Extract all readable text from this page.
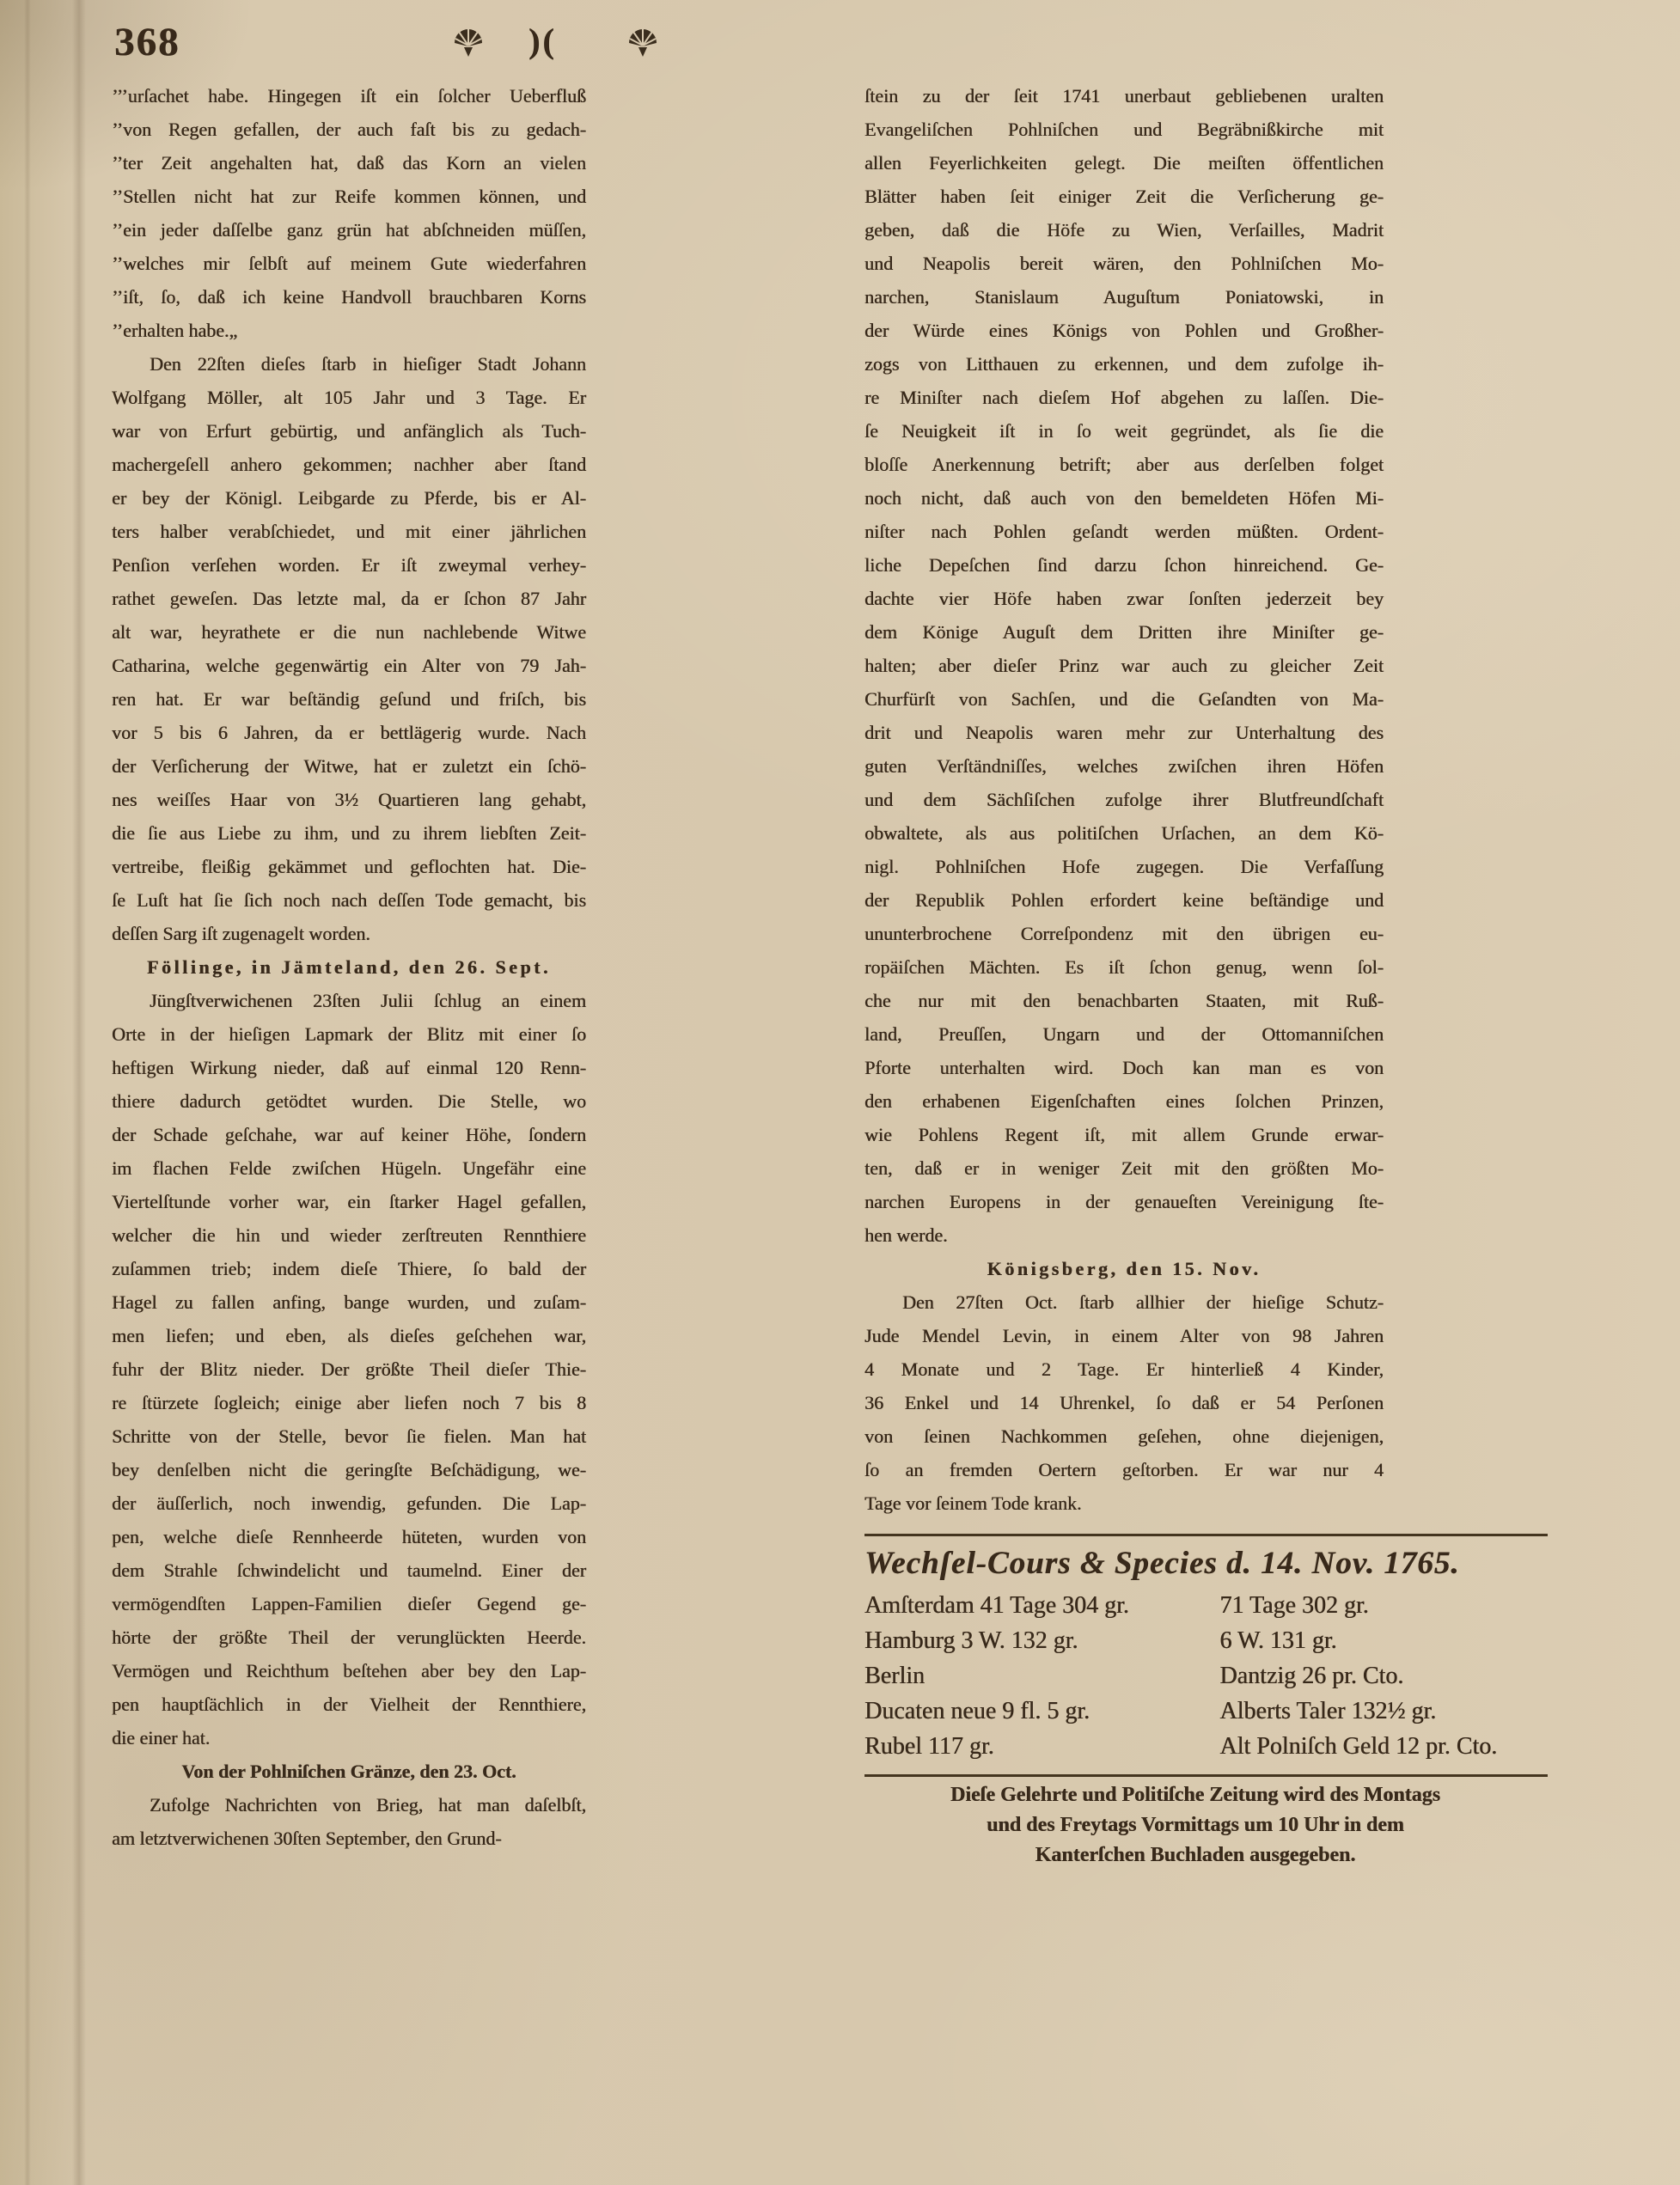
368	)(
’’’urſachet habe. Hingegen iſt ein ſolcher Ueberfluß
’’von Regen gefallen, der auch faſt bis zu gedach-
’’ter Zeit angehalten hat, daß das Korn an vielen
’’Stellen nicht hat zur Reife kommen können, und
’’ein jeder daſſelbe ganz grün hat abſchneiden müſſen,
’’welches mir ſelbſt auf meinem Gute wiederfahren
’’iſt, ſo, daß ich keine Handvoll brauchbaren Korns
’’erhalten habe.„
Den 22ſten dieſes ſtarb in hieſiger Stadt Johann
Wolfgang Möller, alt 105 Jahr und 3 Tage. Er
war von Erfurt gebürtig, und anfänglich als Tuch-
machergeſell anhero gekommen; nachher aber ſtand
er bey der Königl. Leibgarde zu Pferde, bis er Al-
ters halber verabſchiedet, und mit einer jährlichen
Penſion verſehen worden. Er iſt zweymal verhey-
rathet geweſen. Das letzte mal, da er ſchon 87 Jahr
alt war, heyrathete er die nun nachlebende Witwe
Catharina, welche gegenwärtig ein Alter von 79 Jah-
ren hat. Er war beſtändig geſund und friſch, bis
vor 5 bis 6 Jahren, da er bettlägerig wurde. Nach
der Verſicherung der Witwe, hat er zuletzt ein ſchö-
nes weiſſes Haar von 3½ Quartieren lang gehabt,
die ſie aus Liebe zu ihm, und zu ihrem liebſten Zeit-
vertreibe, fleißig gekämmet und geflochten hat. Die-
ſe Luſt hat ſie ſich noch nach deſſen Tode gemacht, bis
deſſen Sarg iſt zugenagelt worden.
Föllinge, in Jämteland, den 26. Sept.
Jüngſtverwichenen 23ſten Julii ſchlug an einem
Orte in der hieſigen Lapmark der Blitz mit einer ſo
heftigen Wirkung nieder, daß auf einmal 120 Renn-
thiere dadurch getödtet wurden. Die Stelle, wo
der Schade geſchahe, war auf keiner Höhe, ſondern
im flachen Felde zwiſchen Hügeln. Ungefähr eine
Viertelſtunde vorher war, ein ſtarker Hagel gefallen,
welcher die hin und wieder zerſtreuten Rennthiere
zuſammen trieb; indem dieſe Thiere, ſo bald der
Hagel zu fallen anfing, bange wurden, und zuſam-
men liefen; und eben, als dieſes geſchehen war,
fuhr der Blitz nieder. Der größte Theil dieſer Thie-
re ſtürzete ſogleich; einige aber liefen noch 7 bis 8
Schritte von der Stelle, bevor ſie fielen. Man hat
bey denſelben nicht die geringſte Beſchädigung, we-
der äuſſerlich, noch inwendig, gefunden. Die Lap-
pen, welche dieſe Rennheerde hüteten, wurden von
dem Strahle ſchwindelicht und taumelnd. Einer der
vermögendſten Lappen-Familien dieſer Gegend ge-
hörte der größte Theil der verunglückten Heerde.
Vermögen und Reichthum beſtehen aber bey den Lap-
pen hauptſächlich in der Vielheit der Rennthiere,
die einer hat.
Von der Pohlniſchen Gränze, den 23. Oct.
Zufolge Nachrichten von Brieg, hat man daſelbſt,
am letztverwichenen 30ſten September, den Grund-
ſtein zu der ſeit 1741 unerbaut gebliebenen uralten
Evangeliſchen Pohlniſchen und Begräbnißkirche mit
allen Feyerlichkeiten gelegt. Die meiſten öffentlichen
Blätter haben ſeit einiger Zeit die Verſicherung ge-
geben, daß die Höfe zu Wien, Verſailles, Madrit
und Neapolis bereit wären, den Pohlniſchen Mo-
narchen, Stanislaum Auguſtum Poniatowski, in
der Würde eines Königs von Pohlen und Großher-
zogs von Litthauen zu erkennen, und dem zufolge ih-
re Miniſter nach dieſem Hof abgehen zu laſſen. Die-
ſe Neuigkeit iſt in ſo weit gegründet, als ſie die
bloſſe Anerkennung betrift; aber aus derſelben folget
noch nicht, daß auch von den bemeldeten Höfen Mi-
niſter nach Pohlen geſandt werden müßten. Ordent-
liche Depeſchen ſind darzu ſchon hinreichend. Ge-
dachte vier Höfe haben zwar ſonſten jederzeit bey
dem Könige Auguſt dem Dritten ihre Miniſter ge-
halten; aber dieſer Prinz war auch zu gleicher Zeit
Churfürſt von Sachſen, und die Geſandten von Ma-
drit und Neapolis waren mehr zur Unterhaltung des
guten Verſtändniſſes, welches zwiſchen ihren Höfen
und dem Sächſiſchen zufolge ihrer Blutfreundſchaft
obwaltete, als aus politiſchen Urſachen, an dem Kö-
nigl. Pohlniſchen Hofe zugegen. Die Verfaſſung
der Republik Pohlen erfordert keine beſtändige und
ununterbrochene Correſpondenz mit den übrigen eu-
ropäiſchen Mächten. Es iſt ſchon genug, wenn ſol-
che nur mit den benachbarten Staaten, mit Ruß-
land, Preuſſen, Ungarn und der Ottomanniſchen
Pforte unterhalten wird. Doch kan man es von
den erhabenen Eigenſchaften eines ſolchen Prinzen,
wie Pohlens Regent iſt, mit allem Grunde erwar-
ten, daß er in weniger Zeit mit den größten Mo-
narchen Europens in der genaueſten Vereinigung ſte-
hen werde.
Königsberg, den 15. Nov.
Den 27ſten Oct. ſtarb allhier der hieſige Schutz-
Jude Mendel Levin, in einem Alter von 98 Jahren
4 Monate und 2 Tage. Er hinterließ 4 Kinder,
36 Enkel und 14 Uhrenkel, ſo daß er 54 Perſonen
von ſeinen Nachkommen geſehen, ohne diejenigen,
ſo an fremden Oertern geſtorben. Er war nur 4
Tage vor ſeinem Tode krank.
Wechſel-Cours & Species d. 14. Nov. 1765.
Amſterdam 41 Tage 304 gr.	71 Tage 302 gr.
Hamburg 3 W. 132 gr.	6 W. 131 gr.
Berlin	Dantzig 26 pr. Cto.
Ducaten neue 9 fl. 5 gr.	Alberts Taler 132½ gr.
Rubel 117 gr.	Alt Polniſch Geld 12 pr. Cto.
Dieſe Gelehrte und Politiſche Zeitung wird des Montags
und des Freytags Vormittags um 10 Uhr in dem
Kanterſchen Buchladen ausgegeben.
